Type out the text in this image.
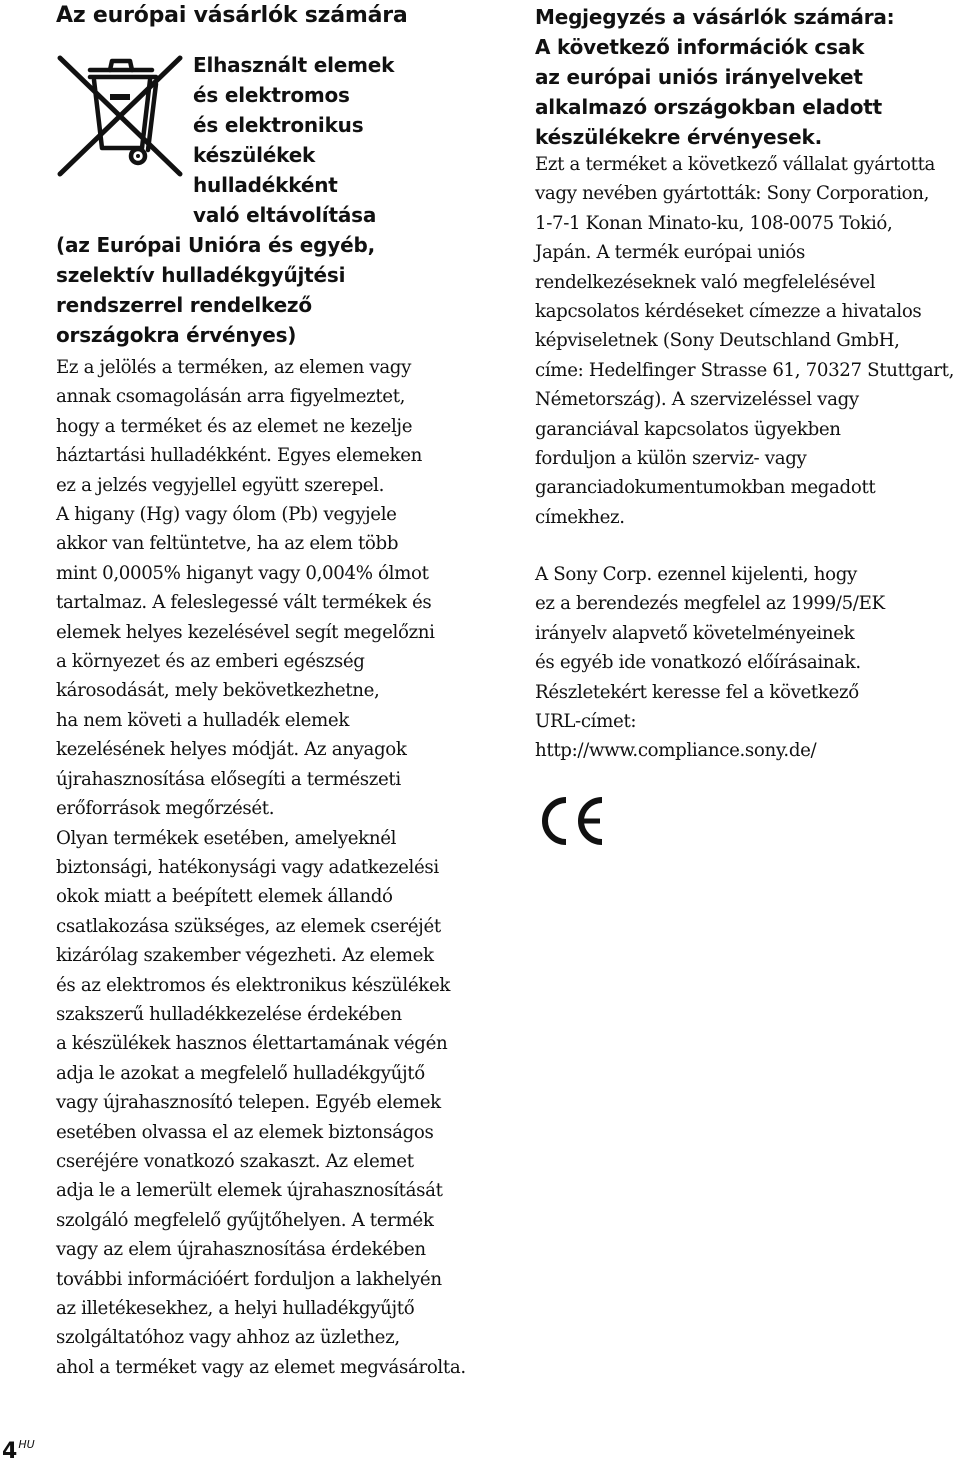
Az európai vásárlók számára

Elhasznált elemek
és elektromos
és elektronikus
készülékek
hulladékként
való eltávolítása

(az Európai Unióra és egyéb,
szelektív hulladékgyűjtési
rendszerrel rendelkező
országokra érvényes)

Ez a jelölés a terméken, az elemen vagy
annak csomagolásán arra figyelmeztet,
hogy a terméket és az elemet ne kezelje
háztartási hulladékként. Egyes elemeken
ez a jelzés vegyjellel együtt szerepel.
A higany (Hg) vagy ólom (Pb) vegyjele
akkor van feltüntetve, ha az elem több
mint 0,0005% higanyt vagy 0,004% ólmot
tartalmaz. A feleslegessé vált termékek és
elemek helyes kezelésével segít megelőzni
a környezet és az emberi egészség
károsodását, mely bekövetkezhetne,
ha nem követi a hulladék elemek
kezelésének helyes módját. Az anyagok
újrahasznosítása elősegíti a természeti
erőforrások megőrzését.
Olyan termékek esetében, amelyeknél
biztonsági, hatékonysági vagy adatkezelési
okok miatt a beépített elemek állandó
csatlakozása szükséges, az elemek cseréjét
kizárólag szakember végezheti. Az elemek
és az elektromos és elektronikus készülékek
szakszerű hulladékkezelése érdekében
a készülékek hasznos élettartamának végén
adja le azokat a megfelelő hulladékgyűjtő
vagy újrahasznosító telepen. Egyéb elemek
esetében olvassa el az elemek biztonságos
cseréjére vonatkozó szakaszt. Az elemet
adja le a lemerült elemek újrahasznosítását
szolgáló megfelelő gyűjtőhelyen. A termék
vagy az elem újrahasznosítása érdekében
további információért forduljon a lakhelyén
az illetékesekhez, a helyi hulladékgyűjtő
szolgáltatóhoz vagy ahhoz az üzlethez,
ahol a terméket vagy az elemet megvásárolta.

Megjegyzés a vásárlók számára:
A következő információk csak
az európai uniós irányelveket
alkalmazó országokban eladott
készülékekre érvényesek.

Ezt a terméket a következő vállalat gyártotta
vagy nevében gyártották: Sony Corporation,
1-7-1 Konan Minato-ku, 108-0075 Tokió,
Japán. A termék európai uniós
rendelkezéseknek való megfelelésével
kapcsolatos kérdéseket címezze a hivatalos
képviseletnek (Sony Deutschland GmbH,
címe: Hedelfinger Strasse 61, 70327 Stuttgart,
Németország). A szervizeléssel vagy
garanciával kapcsolatos ügyekben
forduljon a külön szerviz- vagy
garanciadokumentumokban megadott
címekhez.

A Sony Corp. ezennel kijelenti, hogy
ez a berendezés megfelel az 1999/5/EK
irányelv alapvető követelményeinek
és egyéb ide vonatkozó előírásainak.
Részletekért keresse fel a következő
URL-címet:
http://www.compliance.sony.de/

$4^{HU}$
